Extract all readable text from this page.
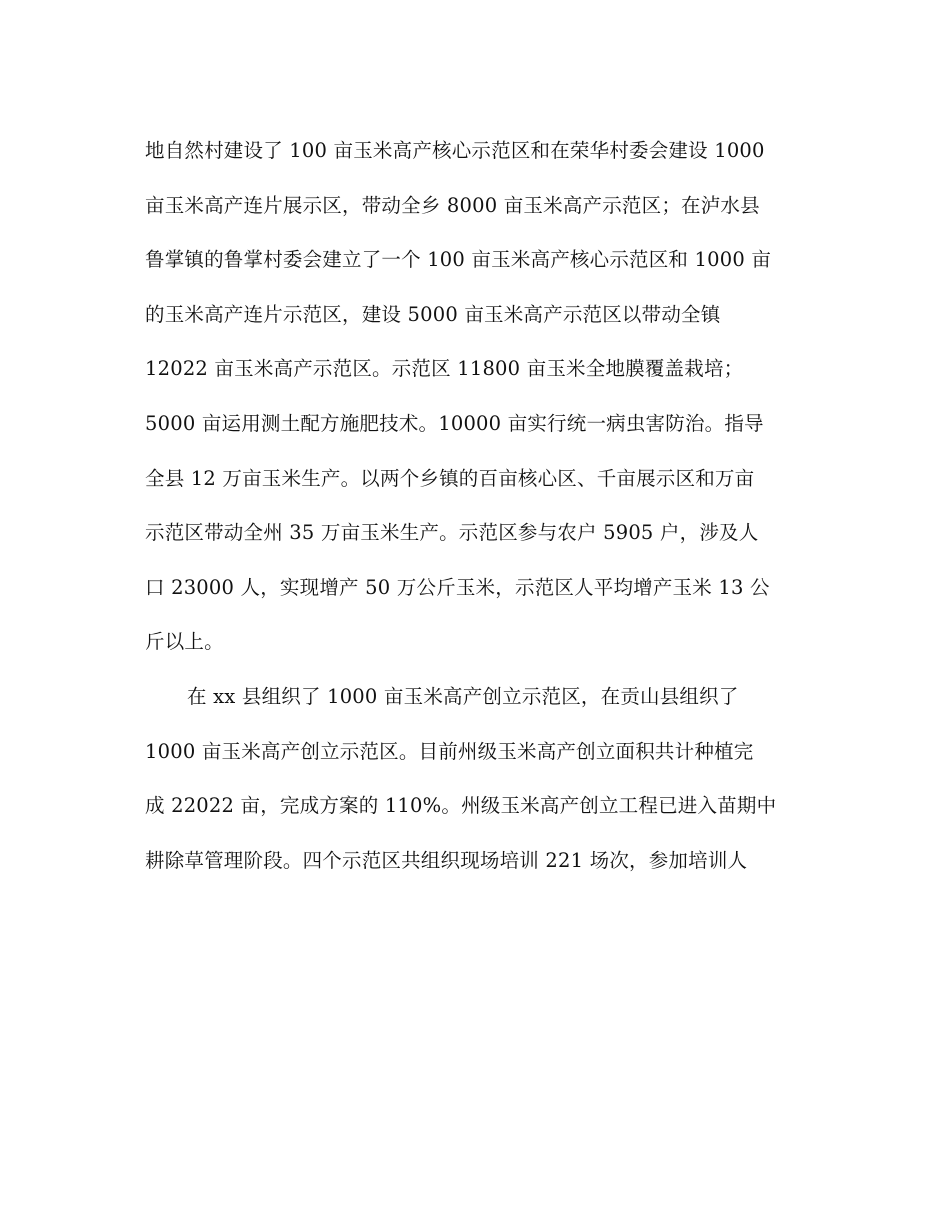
地自然村建设了 100 亩玉米高产核心示范区和在荣华村委会建设 1000
亩玉米高产连片展示区，带动全乡 8000 亩玉米高产示范区；在泸水县
鲁掌镇的鲁掌村委会建立了一个 100 亩玉米高产核心示范区和 1000 亩
的玉米高产连片示范区，建设 5000 亩玉米高产示范区以带动全镇
12022 亩玉米高产示范区。示范区 11800 亩玉米全地膜覆盖栽培；
5000 亩运用测土配方施肥技术。10000 亩实行统一病虫害防治。指导
全县 12 万亩玉米生产。以两个乡镇的百亩核心区、千亩展示区和万亩
示范区带动全州 35 万亩玉米生产。示范区参与农户 5905 户，涉及人
口 23000 人，实现增产 50 万公斤玉米，示范区人平均增产玉米 13 公
斤以上。
在 xx 县组织了 1000 亩玉米高产创立示范区，在贡山县组织了
1000 亩玉米高产创立示范区。目前州级玉米高产创立面积共计种植完
成 22022 亩，完成方案的 110%。州级玉米高产创立工程已进入苗期中
耕除草管理阶段。四个示范区共组织现场培训 221 场次，参加培训人
